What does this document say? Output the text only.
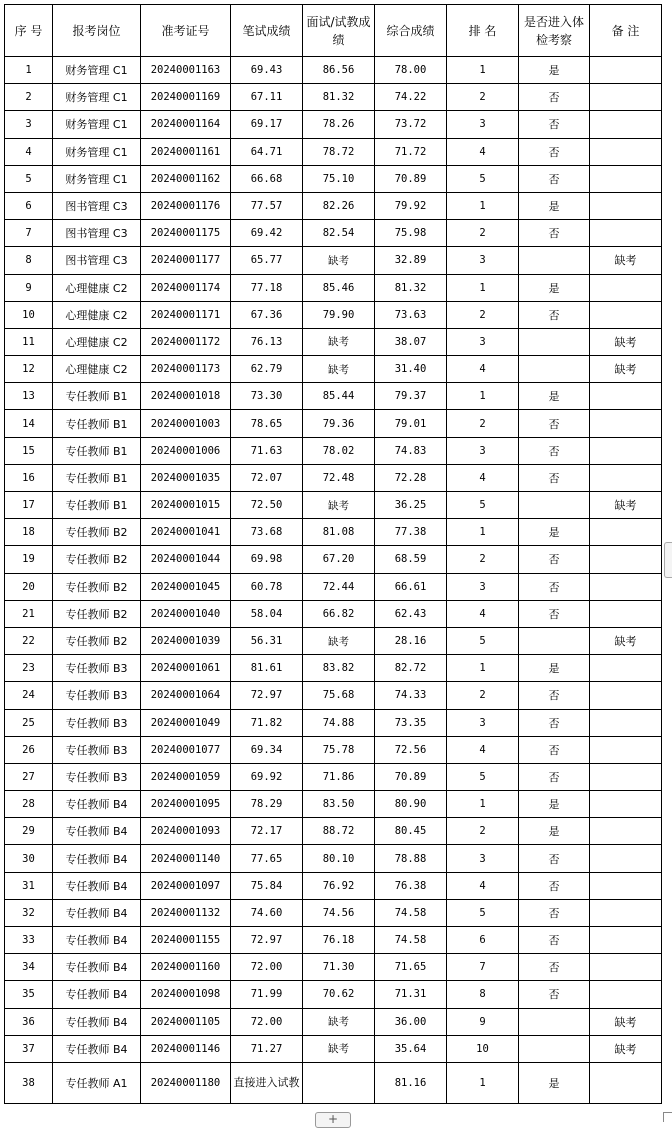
序 号	报考岗位	准考证号	笔试成绩	面试/试教成绩	综合成绩	排 名	是否进入体检考察	备 注
1	财务管理 C1	20240001163	69.43	86.56	78.00	1	是	
2	财务管理 C1	20240001169	67.11	81.32	74.22	2	否	
3	财务管理 C1	20240001164	69.17	78.26	73.72	3	否	
4	财务管理 C1	20240001161	64.71	78.72	71.72	4	否	
5	财务管理 C1	20240001162	66.68	75.10	70.89	5	否	
6	图书管理 C3	20240001176	77.57	82.26	79.92	1	是	
7	图书管理 C3	20240001175	69.42	82.54	75.98	2	否	
8	图书管理 C3	20240001177	65.77	缺考	32.89	3		缺考
9	心理健康 C2	20240001174	77.18	85.46	81.32	1	是	
10	心理健康 C2	20240001171	67.36	79.90	73.63	2	否	
11	心理健康 C2	20240001172	76.13	缺考	38.07	3		缺考
12	心理健康 C2	20240001173	62.79	缺考	31.40	4		缺考
13	专任教师 B1	20240001018	73.30	85.44	79.37	1	是	
14	专任教师 B1	20240001003	78.65	79.36	79.01	2	否	
15	专任教师 B1	20240001006	71.63	78.02	74.83	3	否	
16	专任教师 B1	20240001035	72.07	72.48	72.28	4	否	
17	专任教师 B1	20240001015	72.50	缺考	36.25	5		缺考
18	专任教师 B2	20240001041	73.68	81.08	77.38	1	是	
19	专任教师 B2	20240001044	69.98	67.20	68.59	2	否	
20	专任教师 B2	20240001045	60.78	72.44	66.61	3	否	
21	专任教师 B2	20240001040	58.04	66.82	62.43	4	否	
22	专任教师 B2	20240001039	56.31	缺考	28.16	5		缺考
23	专任教师 B3	20240001061	81.61	83.82	82.72	1	是	
24	专任教师 B3	20240001064	72.97	75.68	74.33	2	否	
25	专任教师 B3	20240001049	71.82	74.88	73.35	3	否	
26	专任教师 B3	20240001077	69.34	75.78	72.56	4	否	
27	专任教师 B3	20240001059	69.92	71.86	70.89	5	否	
28	专任教师 B4	20240001095	78.29	83.50	80.90	1	是	
29	专任教师 B4	20240001093	72.17	88.72	80.45	2	是	
30	专任教师 B4	20240001140	77.65	80.10	78.88	3	否	
31	专任教师 B4	20240001097	75.84	76.92	76.38	4	否	
32	专任教师 B4	20240001132	74.60	74.56	74.58	5	否	
33	专任教师 B4	20240001155	72.97	76.18	74.58	6	否	
34	专任教师 B4	20240001160	72.00	71.30	71.65	7	否	
35	专任教师 B4	20240001098	71.99	70.62	71.31	8	否	
36	专任教师 B4	20240001105	72.00	缺考	36.00	9		缺考
37	专任教师 B4	20240001146	71.27	缺考	35.64	10		缺考
38	专任教师 A1	20240001180	直接进入试教		81.16	1	是	
+
